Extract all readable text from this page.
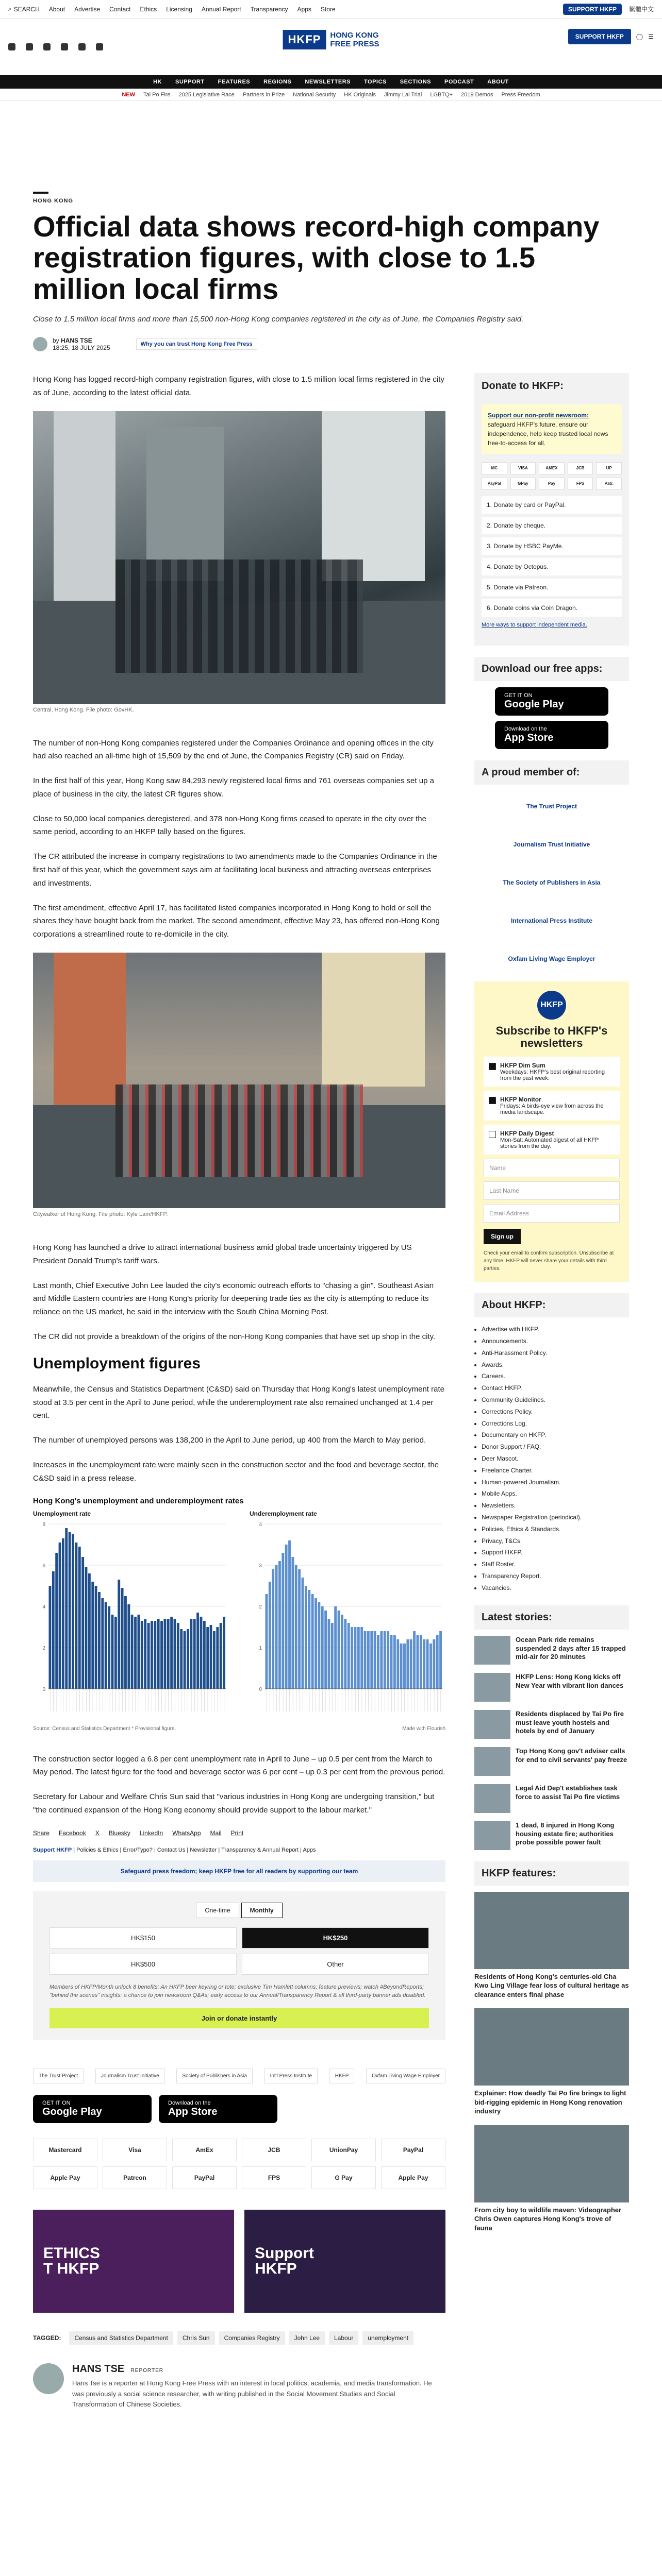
⌕ SEARCH About Advertise Contact Ethics Licensing Annual Report Transparency Apps Store	SUPPORT HKFP	繁體中文
HKFP	HONG KONG
FREE PRESS
SUPPORT HKFP	◯ ☰
HK SUPPORT FEATURES REGIONS NEWSLETTERS TOPICS SECTIONS PODCAST ABOUT
NEW Tai Po Fire 2025 Legislative Race Partners in Prize National Security HK Originals Jimmy Lai Trial LGBTQ+ 2019 Demos Press Freedom
HONG KONG
Official data shows record-high company registration figures, with close to 1.5 million local firms

Close to 1.5 million local firms and more than 15,500 non-Hong Kong companies registered in the city as of June, the Companies Registry said.

by HANS TSE
18:25, 18 JULY 2025	Why you can trust Hong Kong Free Press

Hong Kong has logged record-high company registration figures, with close to 1.5 million local firms registered in the city as of June, according to the latest official data.

Central, Hong Kong. File photo: GovHK.

The number of non-Hong Kong companies registered under the Companies Ordinance and opening offices in the city had also reached an all-time high of 15,509 by the end of June, the Companies Registry (CR) said on Friday.

In the first half of this year, Hong Kong saw 84,293 newly registered local firms and 761 overseas companies set up a place of business in the city, the latest CR figures show.

Close to 50,000 local companies deregistered, and 378 non-Hong Kong firms ceased to operate in the city over the same period, according to an HKFP tally based on the figures.

The CR attributed the increase in company registrations to two amendments made to the Companies Ordinance in the first half of this year, which the government says aim at facilitating local business and attracting overseas enterprises and investments.

The first amendment, effective April 17, has facilitated listed companies incorporated in Hong Kong to hold or sell the shares they have bought back from the market. The second amendment, effective May 23, has offered non-Hong Kong corporations a streamlined route to re-domicile in the city.

Citywalker of Hong Kong. File photo: Kyle Lam/HKFP.

Hong Kong has launched a drive to attract international business amid global trade uncertainty triggered by US President Donald Trump's tariff wars.

Last month, Chief Executive John Lee lauded the city's economic outreach efforts to "chasing a gin". Southeast Asian and Middle Eastern countries are Hong Kong's priority for deepening trade ties as the city is attempting to reduce its reliance on the US market, he said in the interview with the South China Morning Post.

The CR did not provide a breakdown of the origins of the non-Hong Kong companies that have set up shop in the city.

Unemployment figures

Meanwhile, the Census and Statistics Department (C&SD) said on Thursday that Hong Kong's latest unemployment rate stood at 3.5 per cent in the April to June period, while the underemployment rate also remained unchanged at 1.4 per cent.

The number of unemployed persons was 138,200 in the April to June period, up 400 from the March to May period.

Increases in the unemployment rate were mainly seen in the construction sector and the food and beverage sector, the C&SD said in a press release.

Hong Kong's unemployment and underemployment rates
Unemployment rate
0
2
4
6
8
Underemployment rate
0
1
2
3
4
Source: Census and Statistics Department * Provisional figure.	Made with Flourish

The construction sector logged a 6.8 per cent unemployment rate in April to June – up 0.5 per cent from the March to May period. The latest figure for the food and beverage sector was 6 per cent – up 0.3 per cent from the previous period.

Secretary for Labour and Welfare Chris Sun said that "various industries in Hong Kong are undergoing transition," but "the continued expansion of the Hong Kong economy should provide support to the labour market."

Share Facebook X Bluesky LinkedIn WhatsApp Mail Print
Support HKFP | Policies & Ethics | Error/Typo? | Contact Us | Newsletter | Transparency & Annual Report | Apps
Safeguard press freedom; keep HKFP free for all readers by supporting our team
One-time	Monthly
HK$150	HK$250
HK$500	Other

Members of HKFP/Month unlock 8 benefits: An HKFP beer keyring or tote; exclusive Tim Hamlett columns; feature previews; watch #BeyondReports; "behind the scenes" insights; a chance to join newsroom Q&As; early access to our Annual/Transparency Report & all third-party banner ads disabled.

Join or donate instantly
The Trust Project	Journalism Trust Initiative	Society of Publishers in Asia	Int'l Press Institute	HKFP	Oxfam Living Wage Employer
GET IT ON
Google Play
Download on the
App Store
Mastercard	Visa	AmEx	JCB	UnionPay	PayPal
Apple Pay	Patreon	PayPal	FPS	G Pay	Apple Pay
ETHICS
T HKFP
Support
HKFP
TAGGED:	Census and Statistics Department	Chris Sun	Companies Registry	John Lee	Labour	unemployment
HANS TSE REPORTER

Hans Tse is a reporter at Hong Kong Free Press with an interest in local politics, academia, and media transformation. He was previously a social science researcher, with writing published in the Social Movement Studies and Social Transformation of Chinese Societies.

Donate to HKFP:
Support our non-profit newsroom: safeguard HKFP's future, ensure our independence, help keep trusted local news free-to-access for all.
MC	VISA	AMEX	JCB	UP
PayPal	GPay	Pay	FPS	Patr.
1. Donate by card or PayPal.
2. Donate by cheque.
3. Donate by HSBC PayMe.
4. Donate by Octopus.
5. Donate via Patreon.
6. Donate coins via Coin Dragon.
More ways to support independent media.
Download our free apps:
GET IT ON
Google Play
Download on the
App Store
A proud member of:
The Trust Project
Journalism Trust Initiative
The Society of Publishers in Asia
International Press Institute
Oxfam Living Wage Employer
HKFP
Subscribe to HKFP's newsletters
HKFP Dim Sum
Weekdays: HKFP's best original reporting from the past week.
HKFP Monitor
Fridays: A birds-eye view from across the media landscape.
HKFP Daily Digest
Mon-Sat: Automated digest of all HKFP stories from the day.
Name
Last Name
Email Address
Sign up

Check your email to confirm subscription. Unsubscribe at any time. HKFP will never share your details with third parties.

About HKFP:
• Advertise with HKFP.
• Announcements.
• Anti-Harassment Policy.
• Awards.
• Careers.
• Contact HKFP.
• Community Guidelines.
• Corrections Policy.
• Corrections Log.
• Documentary on HKFP.
• Donor Support / FAQ.
• Deer Mascot.
• Freelance Charter.
• Human-powered Journalism.
• Mobile Apps.
• Newsletters.
• Newspaper Registration (periodical).
• Policies, Ethics & Standards.
• Privacy, T&Cs.
• Support HKFP.
• Staff Roster.
• Transparency Report.
• Vacancies.
Latest stories:
Ocean Park ride remains suspended 2 days after 15 trapped mid-air for 20 minutes
HKFP Lens: Hong Kong kicks off New Year with vibrant lion dances
Residents displaced by Tai Po fire must leave youth hostels and hotels by end of January
Top Hong Kong gov't adviser calls for end to civil servants' pay freeze
Legal Aid Dep't establishes task force to assist Tai Po fire victims
1 dead, 8 injured in Hong Kong housing estate fire; authorities probe possible power fault
HKFP features:
Residents of Hong Kong's centuries-old Cha Kwo Ling Village fear loss of cultural heritage as clearance enters final phase
Explainer: How deadly Tai Po fire brings to light bid-rigging epidemic in Hong Kong renovation industry
From city boy to wildlife maven: Videographer Chris Owen captures Hong Kong's trove of fauna
